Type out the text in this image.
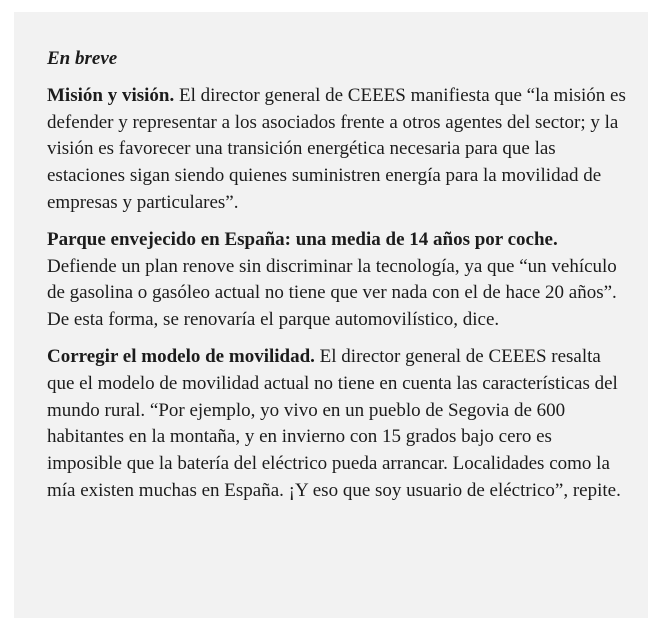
En breve

Misión y visión. El director general de CEEES manifiesta que “la misión es defender y representar a los asociados frente a otros agentes del sector; y la visión es favorecer una transición energética necesaria para que las estaciones sigan siendo quienes suministren energía para la movilidad de empresas y particulares”.

Parque envejecido en España: una media de 14 años por coche. Defiende un plan renove sin discriminar la tecnología, ya que “un vehículo de gasolina o gasóleo actual no tiene que ver nada con el de hace 20 años”. De esta forma, se renovaría el parque automovilístico, dice.

Corregir el modelo de movilidad. El director general de CEEES resalta que el modelo de movilidad actual no tiene en cuenta las características del mundo rural. “Por ejemplo, yo vivo en un pueblo de Segovia de 600 habitantes en la montaña, y en invierno con 15 grados bajo cero es imposible que la batería del eléctrico pueda arrancar. Localidades como la mía existen muchas en España. ¡Y eso que soy usuario de eléctrico”, repite.
